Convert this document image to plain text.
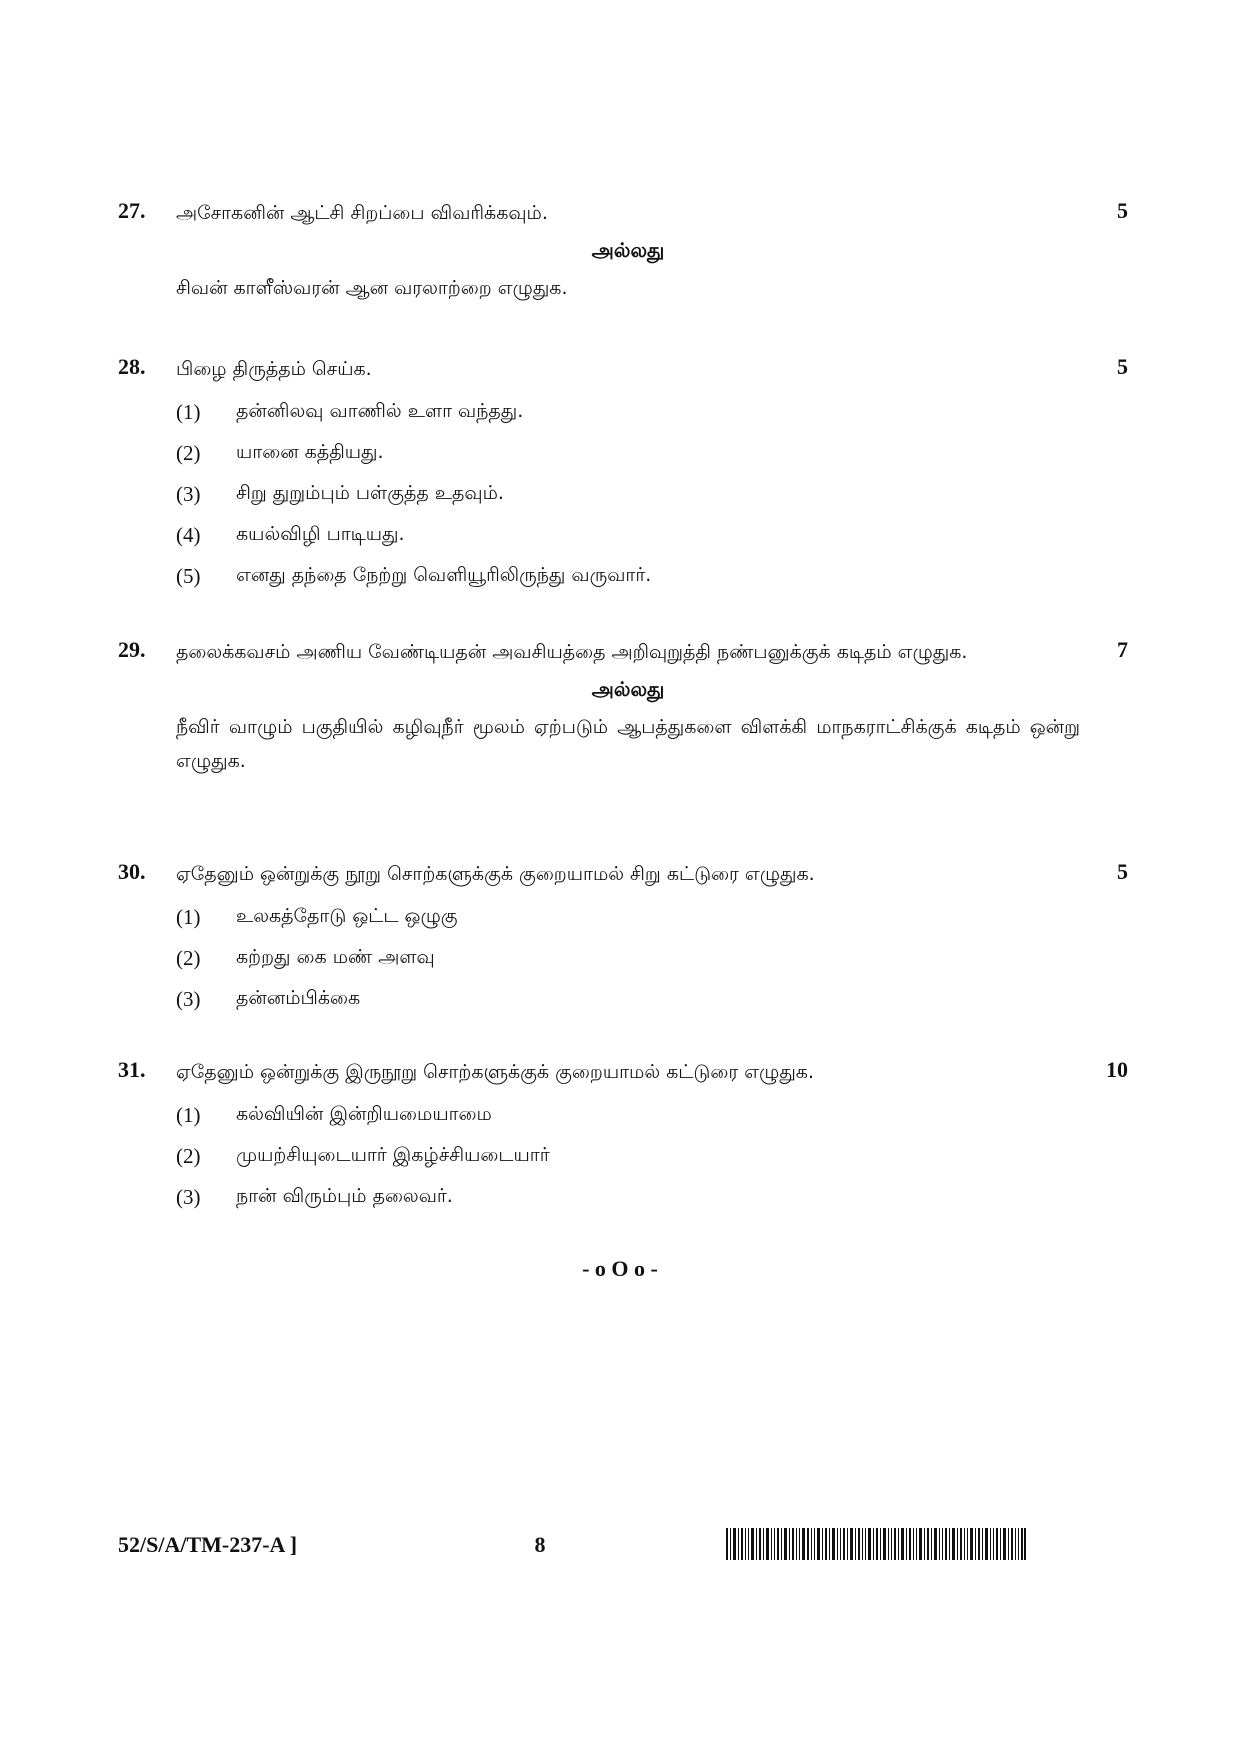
27.	அசோகனின் ஆட்சி சிறப்பை விவரிக்கவும்.	5
அல்லது
சிவன் காளீஸ்வரன் ஆன வரலாற்றை எழுதுக.
28.	பிழை திருத்தம் செய்க.	5
(1)	தன்னிலவு வாணில் உளா வந்தது.
(2)	யானை கத்தியது.
(3)	சிறு துறும்பும் பள்குத்த உதவும்.
(4)	கயல்விழி பாடியது.
(5)	எனது தந்தை நேற்று வெளியூரிலிருந்து வருவார்.
29.	தலைக்கவசம் அணிய வேண்டியதன் அவசியத்தை அறிவுறுத்தி நண்பனுக்குக் கடிதம் எழுதுக.	7
அல்லது
நீவிர் வாழும் பகுதியில் கழிவுநீர் மூலம் ஏற்படும் ஆபத்துகளை விளக்கி மாநகராட்சிக்குக் கடிதம் ஒன்று எழுதுக.
30.	ஏதேனும் ஒன்றுக்கு நூறு சொற்களுக்குக் குறையாமல் சிறு கட்டுரை எழுதுக.	5
(1)	உலகத்தோடு ஒட்ட ஒழுகு
(2)	கற்றது கை மண் அளவு
(3)	தன்னம்பிக்கை
31.	ஏதேனும் ஒன்றுக்கு இருநூறு சொற்களுக்குக் குறையாமல் கட்டுரை எழுதுக.	10
(1)	கல்வியின் இன்றியமையாமை
(2)	முயற்சியுடையார் இகழ்ச்சியடையார்
(3)	நான் விரும்பும் தலைவர்.
- o O o -
52/S/A/TM-237-A ]	8
